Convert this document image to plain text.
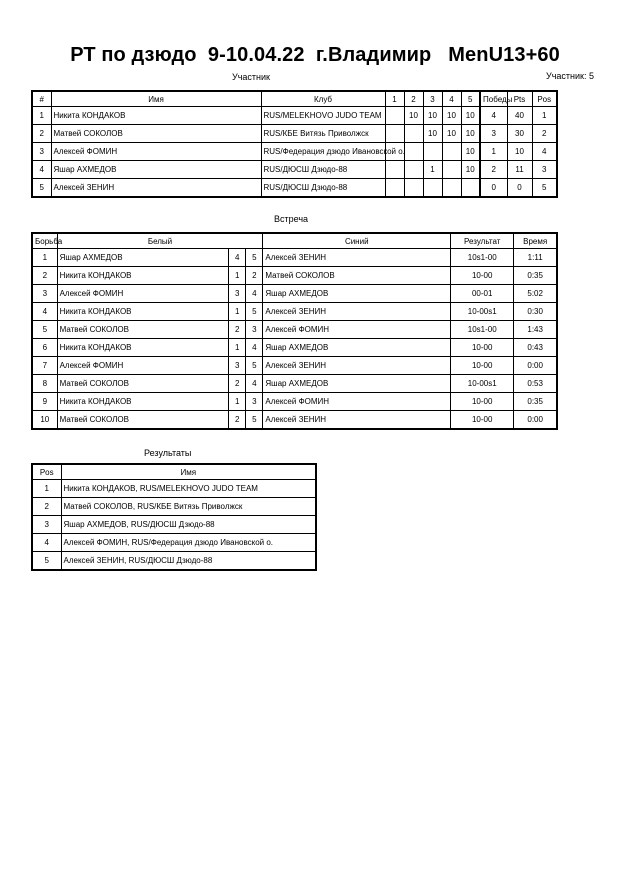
РТ по дзюдо  9-10.04.22  г.Владимир   MenU13+60
Участник	Участник: 5
#	Имя	Клуб	1	2	3	4	5	Победы	Pts	Pos
1	Никита КОНДАКОВ	RUS/MELEKHOVO JUDO TEAM		10	10	10	10	4	40	1
2	Матвей СОКОЛОВ	RUS/КБЕ Витязь Приволжск			10	10	10	3	30	2
3	Алексей ФОМИН	RUS/Федерация дзюдо Ивановской о.					10	1	10	4
4	Яшар АХМЕДОВ	RUS/ДЮСШ Дзюдо-88			1		10	2	11	3
5	Алексей ЗЕНИН	RUS/ДЮСШ Дзюдо-88						0	0	5
Встреча
Борьба	Белый			Синий	Результат	Время
1	Яшар АХМЕДОВ	4	5	Алексей ЗЕНИН	10s1-00	1:11
2	Никита КОНДАКОВ	1	2	Матвей СОКОЛОВ	10-00	0:35
3	Алексей ФОМИН	3	4	Яшар АХМЕДОВ	00-01	5:02
4	Никита КОНДАКОВ	1	5	Алексей ЗЕНИН	10-00s1	0:30
5	Матвей СОКОЛОВ	2	3	Алексей ФОМИН	10s1-00	1:43
6	Никита КОНДАКОВ	1	4	Яшар АХМЕДОВ	10-00	0:43
7	Алексей ФОМИН	3	5	Алексей ЗЕНИН	10-00	0:00
8	Матвей СОКОЛОВ	2	4	Яшар АХМЕДОВ	10-00s1	0:53
9	Никита КОНДАКОВ	1	3	Алексей ФОМИН	10-00	0:35
10	Матвей СОКОЛОВ	2	5	Алексей ЗЕНИН	10-00	0:00
Результаты
Pos	Имя
1	Никита КОНДАКОВ, RUS/MELEKHOVO JUDO TEAM
2	Матвей СОКОЛОВ, RUS/КБЕ Витязь Приволжск
3	Яшар АХМЕДОВ, RUS/ДЮСШ Дзюдо-88
4	Алексей ФОМИН, RUS/Федерация дзюдо Ивановской о.
5	Алексей ЗЕНИН, RUS/ДЮСШ Дзюдо-88
